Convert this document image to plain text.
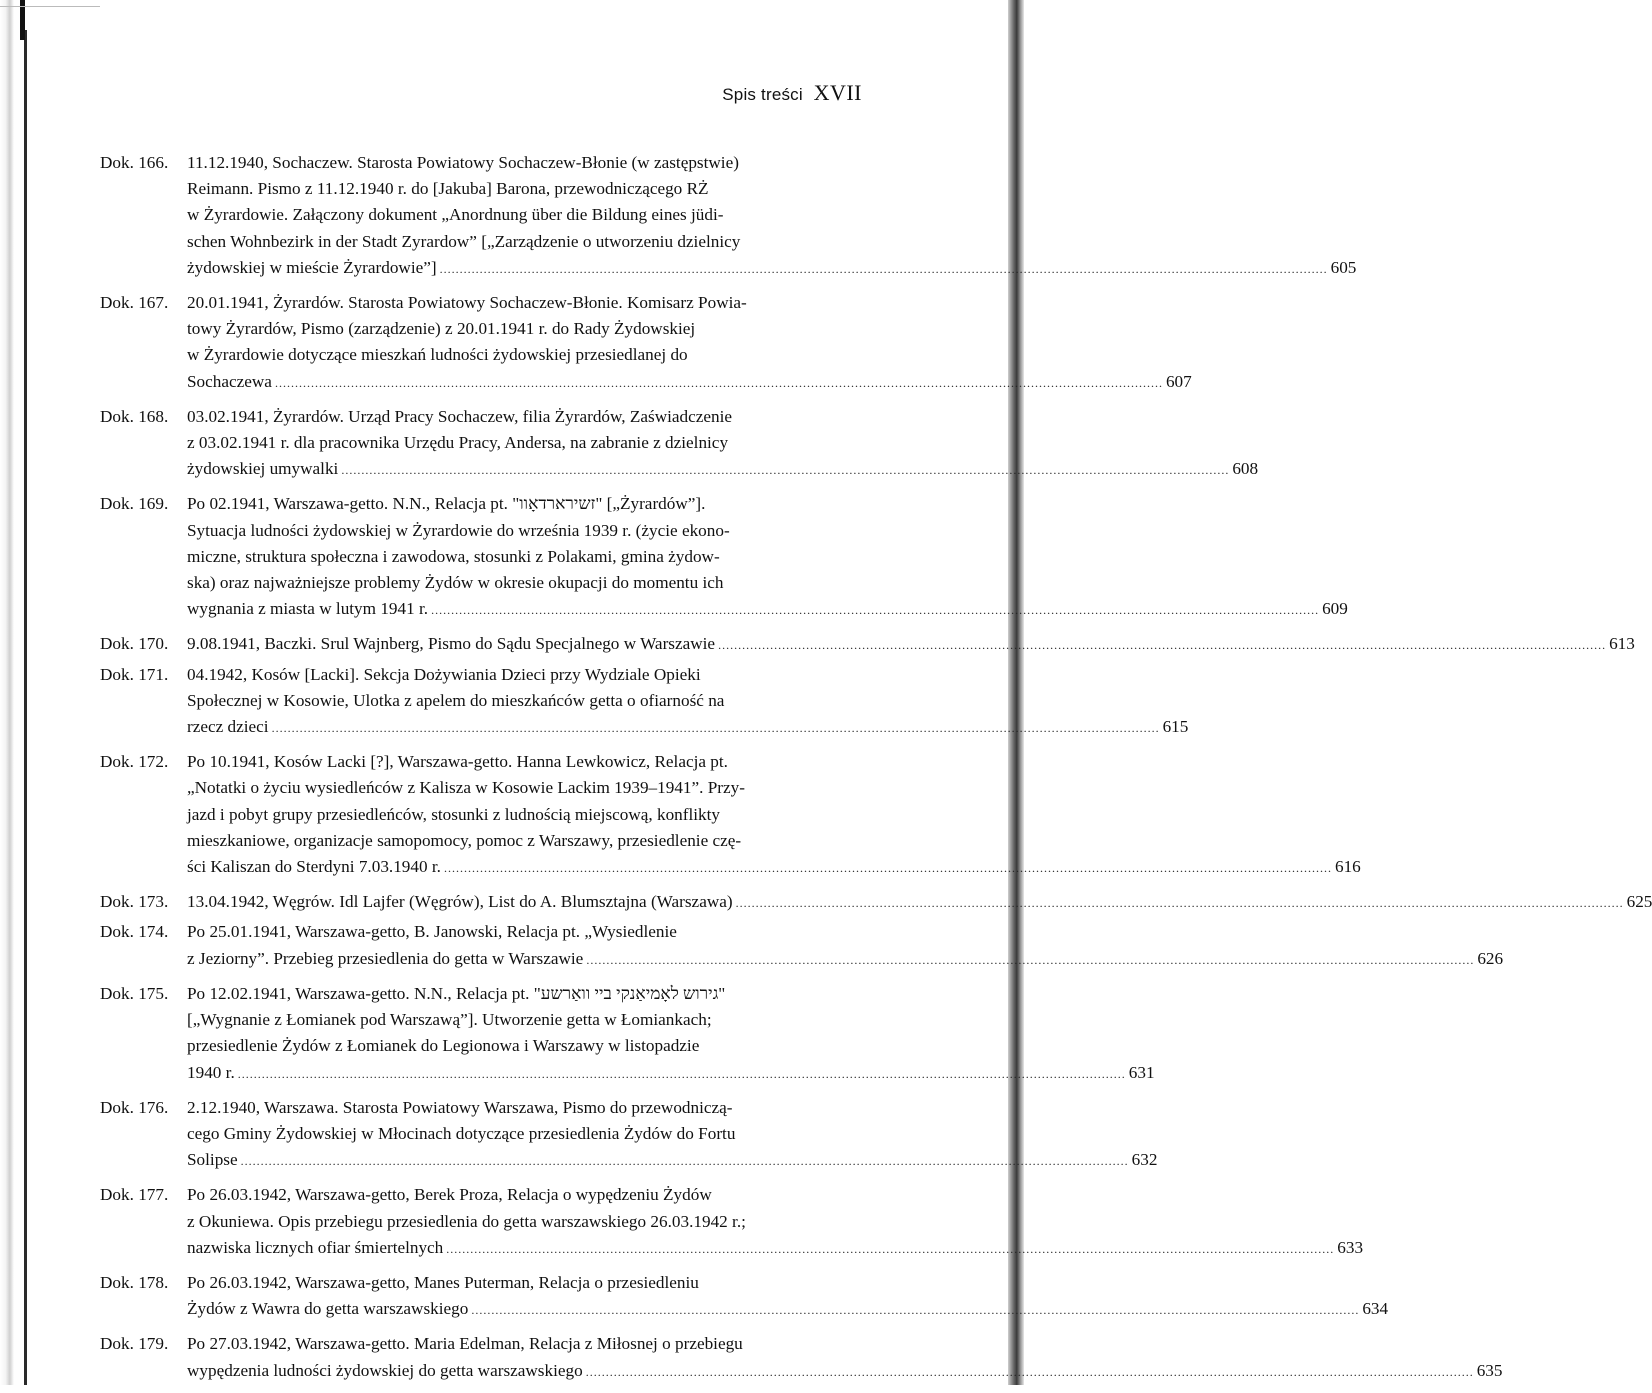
Spis treści XVII
Dok. 166.	11.12.1940, Sochaczew. Starosta Powiatowy Sochaczew-Błonie (w zastępstwie)
Reimann. Pismo z 11.12.1940 r. do [Jakuba] Barona, przewodniczącego RŻ
w Żyrardowie. Załączony dokument „Anordnung über die Bildung eines jüdi-
schen Wohnbezirk in der Stadt Zyrardow” [„Zarządzenie o utworzeniu dzielnicy
żydowskiej w mieście Żyrardowie”] .....	605
Dok. 167.	20.01.1941, Żyrardów. Starosta Powiatowy Sochaczew-Błonie. Komisarz Powia-
towy Żyrardów, Pismo (zarządzenie) z 20.01.1941 r. do Rady Żydowskiej
w Żyrardowie dotyczące mieszkań ludności żydowskiej przesiedlanej do
Sochaczewa .....	607
Dok. 168.	03.02.1941, Żyrardów. Urząd Pracy Sochaczew, filia Żyrardów, Zaświadczenie
z 03.02.1941 r. dla pracownika Urzędu Pracy, Andersa, na zabranie z dzielnicy
żydowskiej umywalki .....	608
Dok. 169.	Po 02.1941, Warszawa-getto. N.N., Relacja pt. "זשירארדאָוו" [„Żyrardów”].
Sytuacja ludności żydowskiej w Żyrardowie do września 1939 r. (życie ekono-
miczne, struktura społeczna i zawodowa, stosunki z Polakami, gmina żydow-
ska) oraz najważniejsze problemy Żydów w okresie okupacji do momentu ich
wygnania z miasta w lutym 1941 r. .....	609
Dok. 170.	9.08.1941, Baczki. Srul Wajnberg, Pismo do Sądu Specjalnego w Warszawie .....	613
Dok. 171.	04.1942, Kosów [Lacki]. Sekcja Dożywiania Dzieci przy Wydziale Opieki
Społecznej w Kosowie, Ulotka z apelem do mieszkańców getta o ofiarność na
rzecz dzieci .....	615
Dok. 172.	Po 10.1941, Kosów Lacki [?], Warszawa-getto. Hanna Lewkowicz, Relacja pt.
„Notatki o życiu wysiedleńców z Kalisza w Kosowie Lackim 1939–1941”. Przy-
jazd i pobyt grupy przesiedleńców, stosunki z ludnością miejscową, konflikty
mieszkaniowe, organizacje samopomocy, pomoc z Warszawy, przesiedlenie czę-
ści Kaliszan do Sterdyni 7.03.1940 r. .....	616
Dok. 173.	13.04.1942, Węgrów. Idl Lajfer (Węgrów), List do A. Blumsztajna (Warszawa) .....	625
Dok. 174.	Po 25.01.1941, Warszawa-getto, B. Janowski, Relacja pt. „Wysiedlenie
z Jeziorny”. Przebieg przesiedlenia do getta w Warszawie .....	626
Dok. 175.	Po 12.02.1941, Warszawa-getto. N.N., Relacja pt. "גירוש לאָמיאַנקי ביי וואַרשע"
[„Wygnanie z Łomianek pod Warszawą”]. Utworzenie getta w Łomiankach;
przesiedlenie Żydów z Łomianek do Legionowa i Warszawy w listopadzie
1940 r. .....	631
Dok. 176.	2.12.1940, Warszawa. Starosta Powiatowy Warszawa, Pismo do przewodniczą-
cego Gminy Żydowskiej w Młocinach dotyczące przesiedlenia Żydów do Fortu
Solipse .....	632
Dok. 177.	Po 26.03.1942, Warszawa-getto, Berek Proza, Relacja o wypędzeniu Żydów
z Okuniewa. Opis przebiegu przesiedlenia do getta warszawskiego 26.03.1942 r.;
nazwiska licznych ofiar śmiertelnych .....	633
Dok. 178.	Po 26.03.1942, Warszawa-getto, Manes Puterman, Relacja o przesiedleniu
Żydów z Wawra do getta warszawskiego .....	634
Dok. 179.	Po 27.03.1942, Warszawa-getto. Maria Edelman, Relacja z Miłosnej o przebiegu
wypędzenia ludności żydowskiej do getta warszawskiego .....	635
